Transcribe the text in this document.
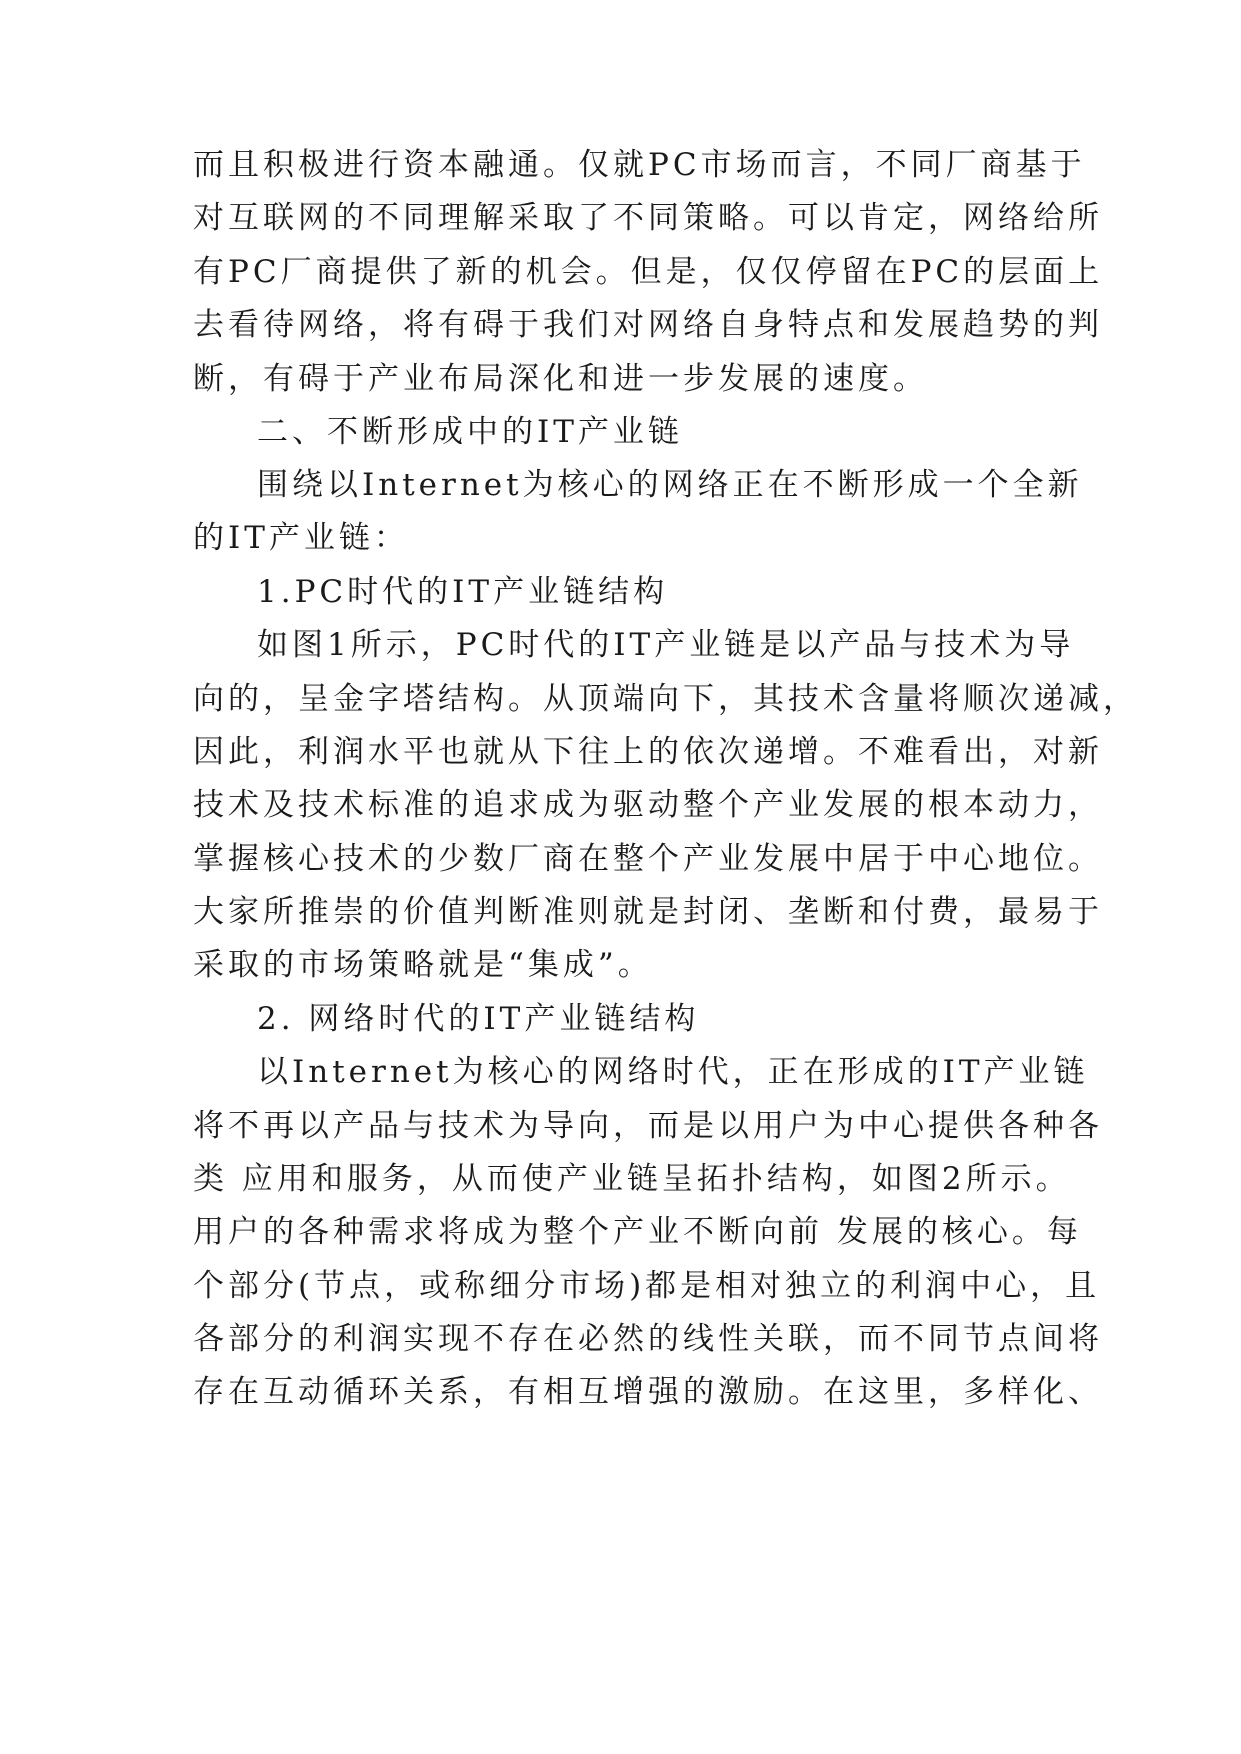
而且积极进行资本融通。仅就PC市场而言，不同厂商基于
对互联网的不同理解采取了不同策略。可以肯定，网络给所
有PC厂商提供了新的机会。但是，仅仅停留在PC的层面上
去看待网络，将有碍于我们对网络自身特点和发展趋势的判
断，有碍于产业布局深化和进一步发展的速度。
二、不断形成中的IT产业链
围绕以Internet为核心的网络正在不断形成一个全新
的IT产业链：
1.PC时代的IT产业链结构
如图1所示，PC时代的IT产业链是以产品与技术为导
向的，呈金字塔结构。从顶端向下，其技术含量将顺次递减，
因此，利润水平也就从下往上的依次递增。不难看出，对新
技术及技术标准的追求成为驱动整个产业发展的根本动力，
掌握核心技术的少数厂商在整个产业发展中居于中心地位。
大家所推崇的价值判断准则就是封闭、垄断和付费，最易于
采取的市场策略就是“集成”。
2. 网络时代的IT产业链结构
以Internet为核心的网络时代，正在形成的IT产业链
将不再以产品与技术为导向，而是以用户为中心提供各种各
类 应用和服务，从而使产业链呈拓扑结构，如图2所示。
用户的各种需求将成为整个产业不断向前 发展的核心。每
个部分(节点，或称细分市场)都是相对独立的利润中心，且
各部分的利润实现不存在必然的线性关联，而不同节点间将
存在互动循环关系，有相互增强的激励。在这里，多样化、
